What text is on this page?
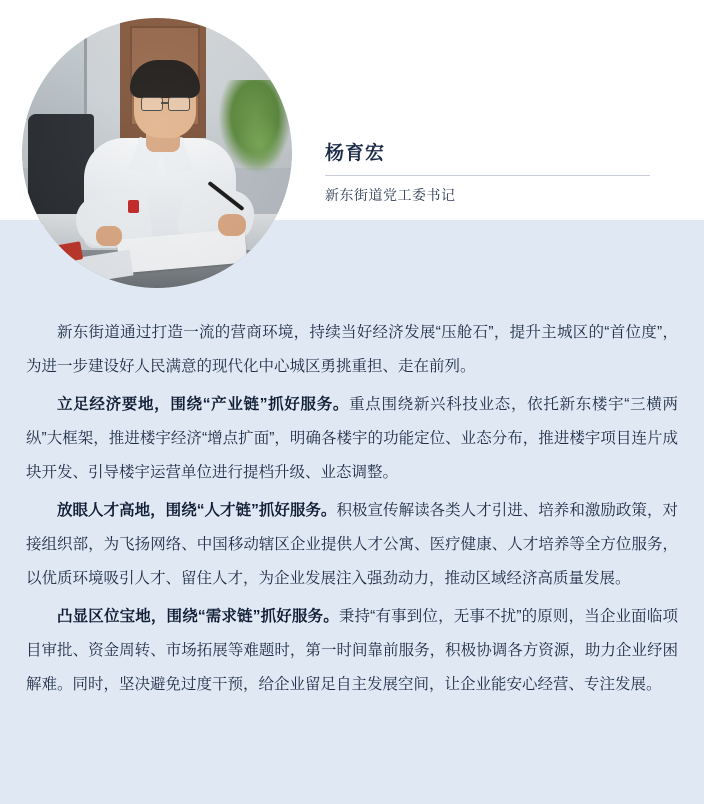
杨育宏
新东街道党工委书记

新东街道通过打造一流的营商环境，持续当好经济发展“压舱石”，提升主城区的“首位度”，为进一步建设好人民满意的现代化中心城区勇挑重担、走在前列。

立足经济要地，围绕“产业链”抓好服务。重点围绕新兴科技业态，依托新东楼宇“三横两纵”大框架，推进楼宇经济“增点扩面”，明确各楼宇的功能定位、业态分布，推进楼宇项目连片成块开发、引导楼宇运营单位进行提档升级、业态调整。

放眼人才高地，围绕“人才链”抓好服务。积极宣传解读各类人才引进、培养和激励政策，对接组织部，为飞扬网络、中国移动辖区企业提供人才公寓、医疗健康、人才培养等全方位服务，以优质环境吸引人才、留住人才，为企业发展注入强劲动力，推动区域经济高质量发展。

凸显区位宝地，围绕“需求链”抓好服务。秉持“有事到位，无事不扰”的原则，当企业面临项目审批、资金周转、市场拓展等难题时，第一时间靠前服务，积极协调各方资源，助力企业纾困解难。同时，坚决避免过度干预，给企业留足自主发展空间，让企业能安心经营、专注发展。
